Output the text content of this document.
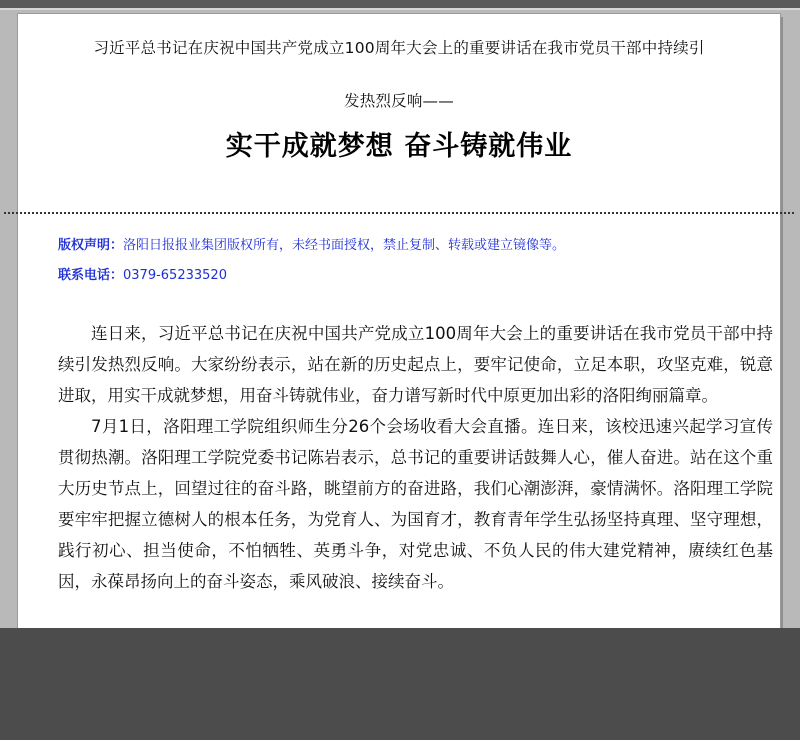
习近平总书记在庆祝中国共产党成立100周年大会上的重要讲话在我市党员干部中持续引
发热烈反响——
实干成就梦想 奋斗铸就伟业
版权声明：洛阳日报报业集团版权所有，未经书面授权，禁止复制、转载或建立镜像等。
联系电话：0379-65233520

连日来，习近平总书记在庆祝中国共产党成立100周年大会上的重要讲话在我市党员干部中持续引发热烈反响。大家纷纷表示，站在新的历史起点上，要牢记使命，立足本职，攻坚克难，锐意进取，用实干成就梦想，用奋斗铸就伟业，奋力谱写新时代中原更加出彩的洛阳绚丽篇章。

7月1日，洛阳理工学院组织师生分26个会场收看大会直播。连日来，该校迅速兴起学习宣传贯彻热潮。洛阳理工学院党委书记陈岩表示，总书记的重要讲话鼓舞人心，催人奋进。站在这个重大历史节点上，回望过往的奋斗路，眺望前方的奋进路，我们心潮澎湃，豪情满怀。洛阳理工学院要牢牢把握立德树人的根本任务，为党育人、为国育才，教育青年学生弘扬坚持真理、坚守理想，践行初心、担当使命，不怕牺牲、英勇斗争，对党忠诚、不负人民的伟大建党精神，赓续红色基因，永葆昂扬向上的奋斗姿态，乘风破浪、接续奋斗。
